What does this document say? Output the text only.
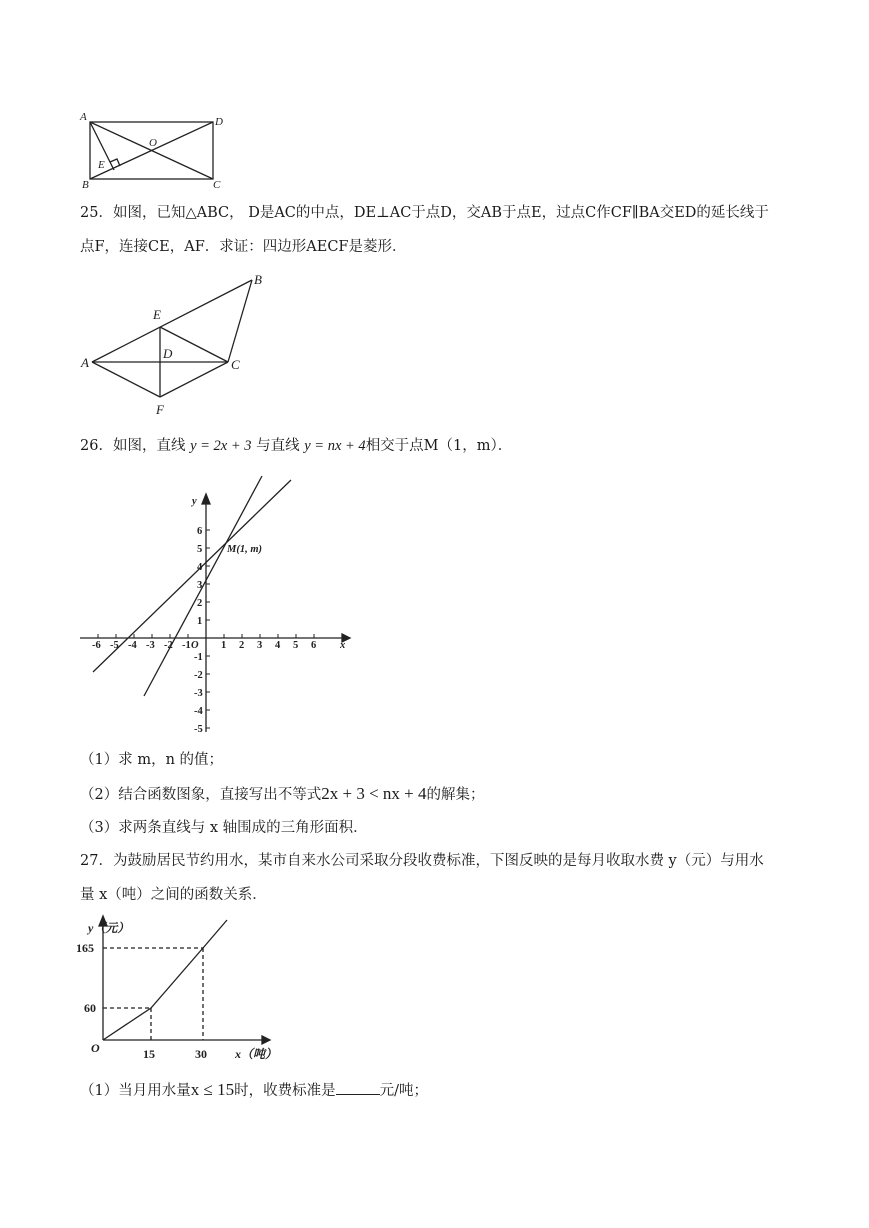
A	D
O
E
B	C
25．如图，已知△ABC， D是AC的中点，DE⊥AC于点D，交AB于点E，过点C作CF∥BA交ED的延长线于
点F，连接CE，AF．求证：四边形AECF是菱形．
B
E
D
A	C
F
26．如图，直线 y = 2x + 3 与直线 y = nx + 4相交于点M（1，m）．
y
x
O
M(1, m)
-6 -5 -4 -3 -2 -1	1 2 3 4 5 6
6
5
4
3
2
1
-1
-2
-3
-4
-5
（1）求 m，n 的值；
（2）结合函数图象，直接写出不等式2x + 3 < nx + 4的解集；
（3）求两条直线与 x 轴围成的三角形面积．
27．为鼓励居民节约用水，某市自来水公司采取分段收费标准，下图反映的是每月收取水费 y（元）与用水
量 x（吨）之间的函数关系．
y（元）
165
60
O	15	30 x（吨）
（1）当月用水量x ≤ 15时，收费标准是	元/吨；
